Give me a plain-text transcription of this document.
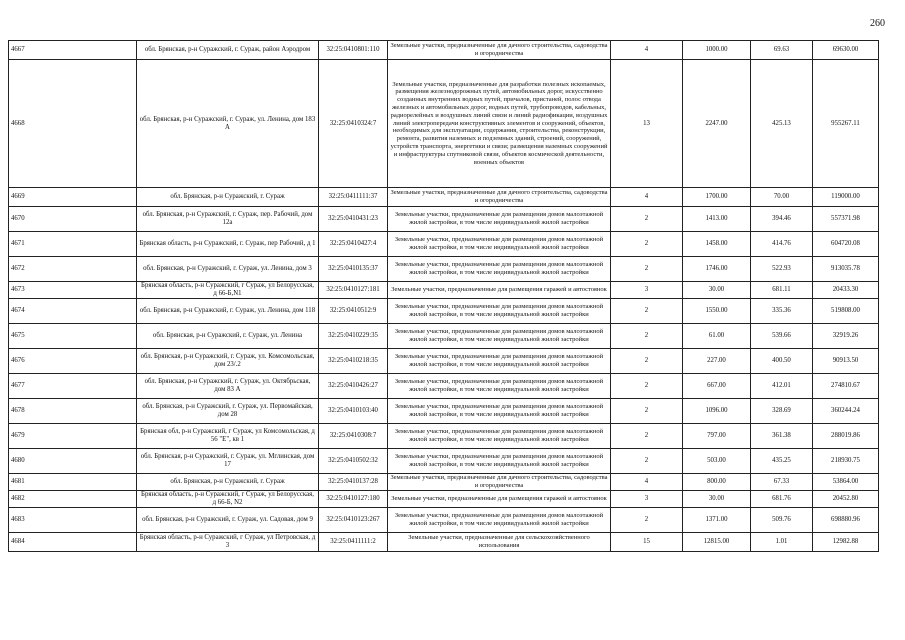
260
4667	обл. Брянская, р-н Суражский, г. Сураж, район Аэродром	32:25:0410801:110	Земельные участки, предназначенные для дачного строительства, садоводства и огородничества	4	1000.00	69.63	69630.00
4668	обл. Брянская, р-н Суражский, г. Сураж, ул. Ленина, дом 183 А	32:25:0410324:7	Земельные участки, предназначенные для разработки полезных ископаемых, размещения железнодорожных путей, автомобильных дорог, искусственно созданных внутренних водных путей, причалов, пристаней, полос отвода железных и автомобильных дорог, водных путей, трубопроводов, кабельных, радиорелейных и воздушных линий связи и линий радиофикации, воздушных линий электропередачи конструктивных элементов и сооружений, объектов, необходимых для эксплуатации, содержания, строительства, реконструкции, ремонта, развития наземных и подземных зданий, строений, сооружений, устройств транспорта, энергетики и связи; размещения наземных сооружений и инфраструктуры спутниковой связи, объектов космической деятельности, военных объектов	13	2247.00	425.13	955267.11
4669	обл. Брянская, р-н Суражский, г. Сураж	32:25:0411111:37	Земельные участки, предназначенные для дачного строительства, садоводства и огородничества	4	1700.00	70.00	119000.00
4670	обл. Брянская, р-н Суражский, г. Сураж, пер. Рабочий, дом 12а	32:25:0410431:23	Земельные участки, предназначенные для размещения домов малоэтажной жилой застройки, в том числе индивидуальной жилой застройки	2	1413.00	394.46	557371.98
4671	Брянская область, р-н Суражский, г. Сураж, пер Рабочий, д 1	32:25:0410427:4	Земельные участки, предназначенные для размещения домов малоэтажной жилой застройки, в том числе индивидуальной жилой застройки	2	1458.00	414.76	604720.08
4672	обл. Брянская, р-н Суражский, г. Сураж, ул. Ленина, дом 3	32:25:0410135:37	Земельные участки, предназначенные для размещения домов малоэтажной жилой застройки, в том числе индивидуальной жилой застройки	2	1746.00	522.93	913035.78
4673	Брянская область, р-н Суражский, г Сураж, ул Белорусская, д 66-Б,N1	32:25:0410127:181	Земельные участки, предназначенные для размещения гаражей и автостоянок	3	30.00	681.11	20433.30
4674	обл. Брянская, р-н Суражский, г. Сураж, ул. Ленина, дом 118	32:25:0410512:9	Земельные участки, предназначенные для размещения домов малоэтажной жилой застройки, в том числе индивидуальной жилой застройки	2	1550.00	335.36	519808.00
4675	обл. Брянская, р-н Суражский, г. Сураж, ул. Ленина	32:25:0410229:35	Земельные участки, предназначенные для размещения домов малоэтажной жилой застройки, в том числе индивидуальной жилой застройки	2	61.00	539.66	32919.26
4676	обл. Брянская, р-н Суражский, г. Сураж, ул. Комсомольская, дом 23/.2	32:25:0410218:35	Земельные участки, предназначенные для размещения домов малоэтажной жилой застройки, в том числе индивидуальной жилой застройки	2	227.00	400.50	90913.50
4677	обл. Брянская, р-н Суражский, г. Сураж, ул. Октябрьская, дом 83 А	32:25:0410426:27	Земельные участки, предназначенные для размещения домов малоэтажной жилой застройки, в том числе индивидуальной жилой застройки	2	667.00	412.01	274810.67
4678	обл. Брянская, р-н Суражский, г. Сураж, ул. Первомайская, дом 28	32:25:0410103:40	Земельные участки, предназначенные для размещения домов малоэтажной жилой застройки, в том числе индивидуальной жилой застройки	2	1096.00	328.69	360244.24
4679	Брянская обл, р-н Суражский, г Сураж, ул Комсомольская, д 56 "Е", кв 1	32:25:0410308:7	Земельные участки, предназначенные для размещения домов малоэтажной жилой застройки, в том числе индивидуальной жилой застройки	2	797.00	361.38	288019.86
4680	обл. Брянская, р-н Суражский, г. Сураж, ул. Мглинская, дом 17	32:25:0410502:32	Земельные участки, предназначенные для размещения домов малоэтажной жилой застройки, в том числе индивидуальной жилой застройки	2	503.00	435.25	218930.75
4681	обл. Брянская, р-н Суражский, г. Сураж	32:25:0410137:28	Земельные участки, предназначенные для дачного строительства, садоводства и огородничества	4	800.00	67.33	53864.00
4682	Брянская область, р-н Суражский, г Сураж, ул Белорусская, д 66-Б, N2	32:25:0410127:180	Земельные участки, предназначенные для размещения гаражей и автостоянок	3	30.00	681.76	20452.80
4683	обл. Брянская, р-н Суражский, г. Сураж, ул. Садовая, дом 9	32:25:0410123:267	Земельные участки, предназначенные для размещения домов малоэтажной жилой застройки, в том числе индивидуальной жилой застройки	2	1371.00	509.76	698880.96
4684	Брянская область, р-н Суражский, г Сураж, ул Петровская, д 3	32:25:0411111:2	Земельные участки, предназначенные для сельскохозяйственного использования	15	12815.00	1.01	12982.88
